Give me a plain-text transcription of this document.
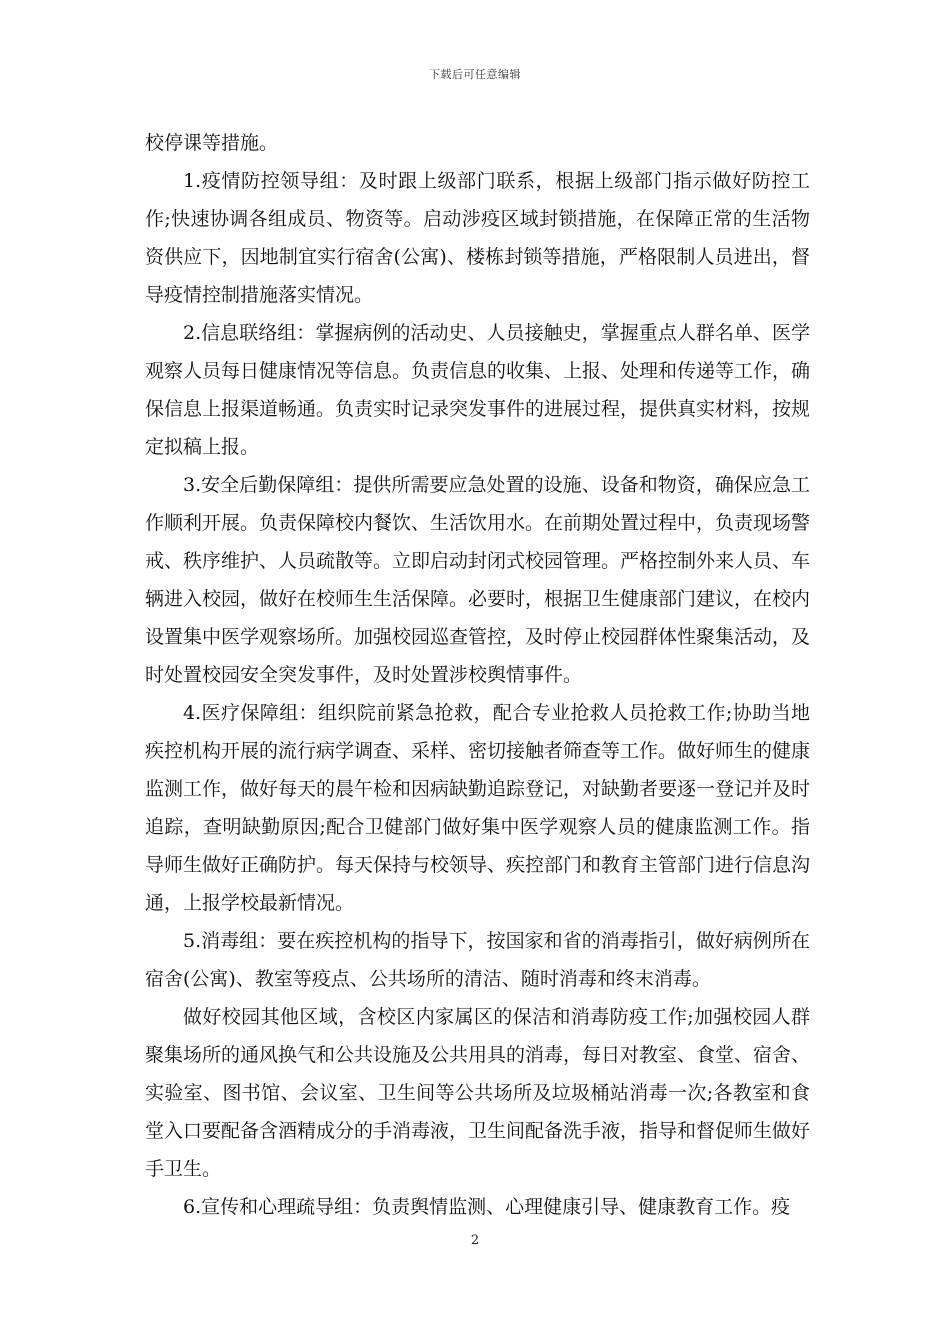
下载后可任意编辑

校停课等措施。

1.疫情防控领导组：及时跟上级部门联系，根据上级部门指示做好防控工作;快速协调各组成员、物资等。启动涉疫区域封锁措施，在保障正常的生活物资供应下，因地制宜实行宿舍(公寓)、楼栋封锁等措施，严格限制人员进出，督导疫情控制措施落实情况。

2.信息联络组：掌握病例的活动史、人员接触史，掌握重点人群名单、医学观察人员每日健康情况等信息。负责信息的收集、上报、处理和传递等工作，确保信息上报渠道畅通。负责实时记录突发事件的进展过程，提供真实材料，按规定拟稿上报。

3.安全后勤保障组：提供所需要应急处置的设施、设备和物资，确保应急工作顺利开展。负责保障校内餐饮、生活饮用水。在前期处置过程中，负责现场警戒、秩序维护、人员疏散等。立即启动封闭式校园管理。严格控制外来人员、车辆进入校园，做好在校师生生活保障。必要时，根据卫生健康部门建议，在校内设置集中医学观察场所。加强校园巡查管控，及时停止校园群体性聚集活动，及时处置校园安全突发事件，及时处置涉校舆情事件。

4.医疗保障组：组织院前紧急抢救，配合专业抢救人员抢救工作;协助当地疾控机构开展的流行病学调查、采样、密切接触者筛查等工作。做好师生的健康监测工作，做好每天的晨午检和因病缺勤追踪登记，对缺勤者要逐一登记并及时追踪，查明缺勤原因;配合卫健部门做好集中医学观察人员的健康监测工作。指导师生做好正确防护。每天保持与校领导、疾控部门和教育主管部门进行信息沟通，上报学校最新情况。

5.消毒组：要在疾控机构的指导下，按国家和省的消毒指引，做好病例所在宿舍(公寓)、教室等疫点、公共场所的清洁、随时消毒和终末消毒。

做好校园其他区域，含校区内家属区的保洁和消毒防疫工作;加强校园人群聚集场所的通风换气和公共设施及公共用具的消毒，每日对教室、食堂、宿舍、实验室、图书馆、会议室、卫生间等公共场所及垃圾桶站消毒一次;各教室和食堂入口要配备含酒精成分的手消毒液，卫生间配备洗手液，指导和督促师生做好手卫生。

6.宣传和心理疏导组：负责舆情监测、心理健康引导、健康教育工作。疫

2
